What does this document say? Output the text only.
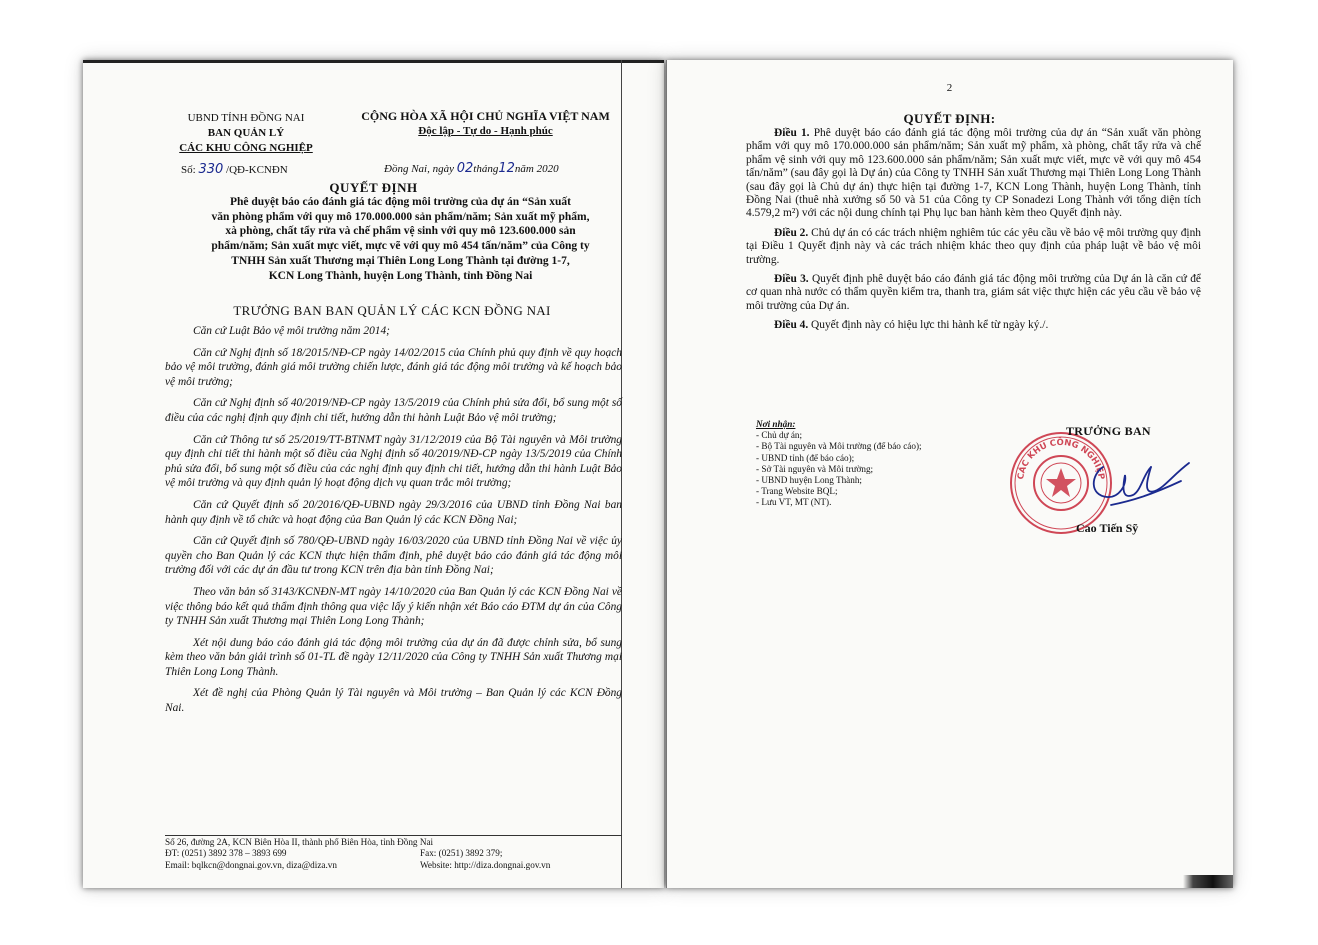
UBND TỈNH ĐỒNG NAI
BAN QUẢN LÝ
CÁC KHU CÔNG NGHIỆP
CỘNG HÒA XÃ HỘI CHỦ NGHĨA VIỆT NAM
Độc lập - Tự do - Hạnh phúc
Số: 330 /QĐ-KCNĐN	Đồng Nai, ngày 02tháng12năm 2020
QUYẾT ĐỊNH
Phê duyệt báo cáo đánh giá tác động môi trường của dự án “Sản xuất
văn phòng phẩm với quy mô 170.000.000 sản phẩm/năm; Sản xuất mỹ phẩm,
xà phòng, chất tẩy rửa và chế phẩm vệ sinh với quy mô 123.600.000 sản
phẩm/năm; Sản xuất mực viết, mực vẽ với quy mô 454 tấn/năm” của Công ty
TNHH Sản xuất Thương mại Thiên Long Long Thành tại đường 1-7,
KCN Long Thành, huyện Long Thành, tỉnh Đồng Nai
TRƯỞNG BAN BAN QUẢN LÝ CÁC KCN ĐỒNG NAI

Căn cứ Luật Bảo vệ môi trường năm 2014;

Căn cứ Nghị định số 18/2015/NĐ-CP ngày 14/02/2015 của Chính phủ quy định về quy hoạch bảo vệ môi trường, đánh giá môi trường chiến lược, đánh giá tác động môi trường và kế hoạch bảo vệ môi trường;

Căn cứ Nghị định số 40/2019/NĐ-CP ngày 13/5/2019 của Chính phủ sửa đổi, bổ sung một số điều của các nghị định quy định chi tiết, hướng dẫn thi hành Luật Bảo vệ môi trường;

Căn cứ Thông tư số 25/2019/TT-BTNMT ngày 31/12/2019 của Bộ Tài nguyên và Môi trường quy định chi tiết thi hành một số điều của Nghị định số 40/2019/NĐ-CP ngày 13/5/2019 của Chính phủ sửa đổi, bổ sung một số điều của các nghị định quy định chi tiết, hướng dẫn thi hành Luật Bảo vệ môi trường và quy định quản lý hoạt động dịch vụ quan trắc môi trường;

Căn cứ Quyết định số 20/2016/QĐ-UBND ngày 29/3/2016 của UBND tỉnh Đồng Nai ban hành quy định về tổ chức và hoạt động của Ban Quản lý các KCN Đồng Nai;

Căn cứ Quyết định số 780/QĐ-UBND ngày 16/03/2020 của UBND tỉnh Đồng Nai về việc ủy quyền cho Ban Quản lý các KCN thực hiện thẩm định, phê duyệt báo cáo đánh giá tác động môi trường đối với các dự án đầu tư trong KCN trên địa bàn tỉnh Đồng Nai;

Theo văn bản số 3143/KCNĐN-MT ngày 14/10/2020 của Ban Quản lý các KCN Đồng Nai về việc thông báo kết quả thẩm định thông qua việc lấy ý kiến nhận xét Báo cáo ĐTM dự án của Công ty TNHH Sản xuất Thương mại Thiên Long Long Thành;

Xét nội dung báo cáo đánh giá tác động môi trường của dự án đã được chỉnh sửa, bổ sung kèm theo văn bản giải trình số 01-TL đề ngày 12/11/2020 của Công ty TNHH Sản xuất Thương mại Thiên Long Long Thành.

Xét đề nghị của Phòng Quản lý Tài nguyên và Môi trường – Ban Quản lý các KCN Đồng Nai.

Số 26, đường 2A, KCN Biên Hòa II, thành phố Biên Hòa, tỉnh Đồng Nai
ĐT: (0251) 3892 378 – 3893 699	Fax: (0251) 3892 379;
Email: bqlkcn@dongnai.gov.vn, diza@diza.vn	Website: http://diza.dongnai.gov.vn
2
QUYẾT ĐỊNH:

Điều 1. Phê duyệt báo cáo đánh giá tác động môi trường của dự án “Sản xuất văn phòng phẩm với quy mô 170.000.000 sản phẩm/năm; Sản xuất mỹ phẩm, xà phòng, chất tẩy rửa và chế phẩm vệ sinh với quy mô 123.600.000 sản phẩm/năm; Sản xuất mực viết, mực vẽ với quy mô 454 tấn/năm” (sau đây gọi là Dự án) của Công ty TNHH Sản xuất Thương mại Thiên Long Long Thành (sau đây gọi là Chủ dự án) thực hiện tại đường 1-7, KCN Long Thành, huyện Long Thành, tỉnh Đồng Nai (thuê nhà xưởng số 50 và 51 của Công ty CP Sonadezi Long Thành với tổng diện tích 4.579,2 m²) với các nội dung chính tại Phụ lục ban hành kèm theo Quyết định này.

Điều 2. Chủ dự án có các trách nhiệm nghiêm túc các yêu cầu về bảo vệ môi trường quy định tại Điều 1 Quyết định này và các trách nhiệm khác theo quy định của pháp luật về bảo vệ môi trường.

Điều 3. Quyết định phê duyệt báo cáo đánh giá tác động môi trường của Dự án là căn cứ để cơ quan nhà nước có thẩm quyền kiểm tra, thanh tra, giám sát việc thực hiện các yêu cầu về bảo vệ môi trường của Dự án.

Điều 4. Quyết định này có hiệu lực thi hành kể từ ngày ký./.

Nơi nhận:
- Chủ dự án;
- Bộ Tài nguyên và Môi trường (để báo cáo);
- UBND tỉnh (để báo cáo);
- Sở Tài nguyên và Môi trường;
- UBND huyện Long Thành;
- Trang Website BQL;
- Lưu VT, MT (NT).
CÁC KHU CÔNG NGHIỆP
TRƯỞNG BAN
Cao Tiến Sỹ
